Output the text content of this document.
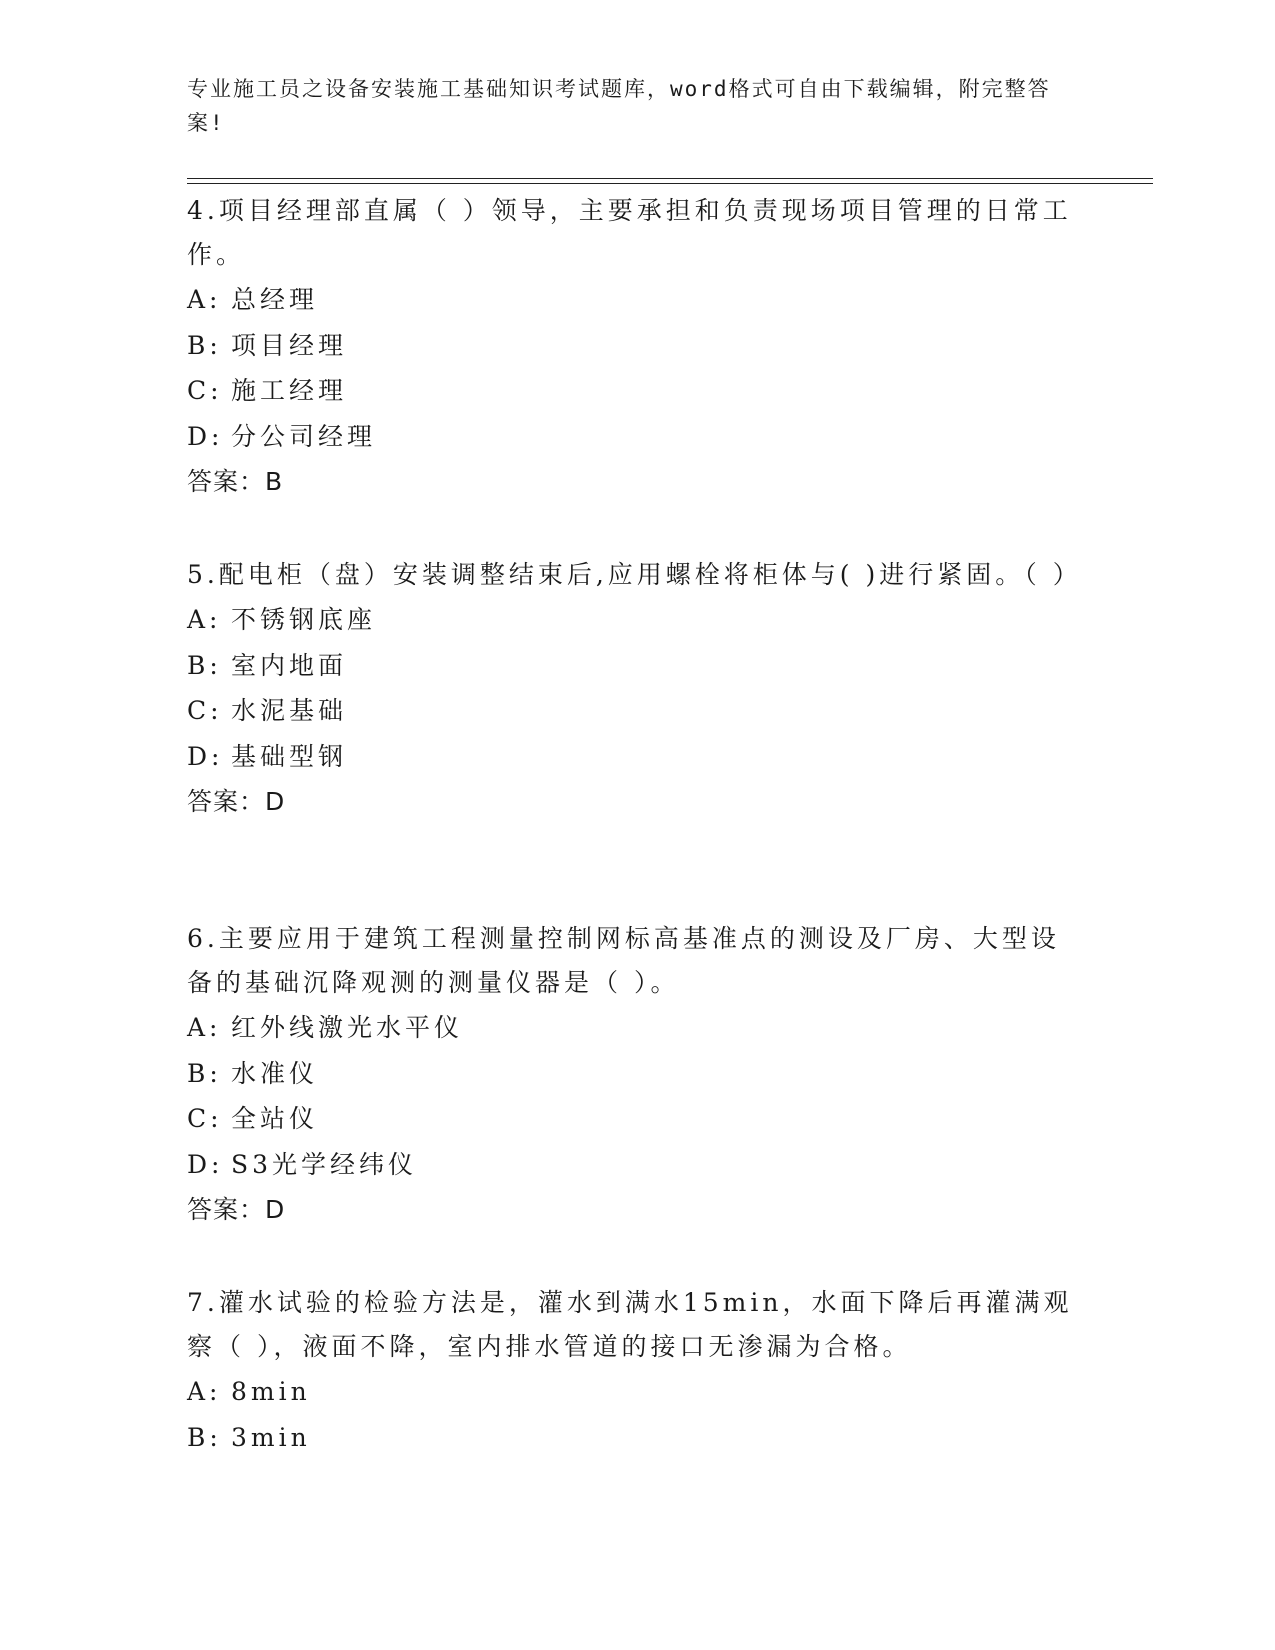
专业施工员之设备安装施工基础知识考试题库，word格式可自由下载编辑，附完整答案!

4.项目经理部直属（ ）领导，主要承担和负责现场项目管理的日常工作。

A: 总经理

B: 项目经理

C: 施工经理

D: 分公司经理

答案：B

5.配电柜（盘）安装调整结束后,应用螺栓将柜体与( )进行紧固。（ ）

A: 不锈钢底座

B: 室内地面

C: 水泥基础

D: 基础型钢

答案：D

6.主要应用于建筑工程测量控制网标高基准点的测设及厂房、大型设备的基础沉降观测的测量仪器是（ ）。

A: 红外线激光水平仪

B: 水准仪

C: 全站仪

D: S3光学经纬仪

答案：D

7.灌水试验的检验方法是，灌水到满水15min，水面下降后再灌满观察（ ），液面不降，室内排水管道的接口无渗漏为合格。

A: 8min

B: 3min
